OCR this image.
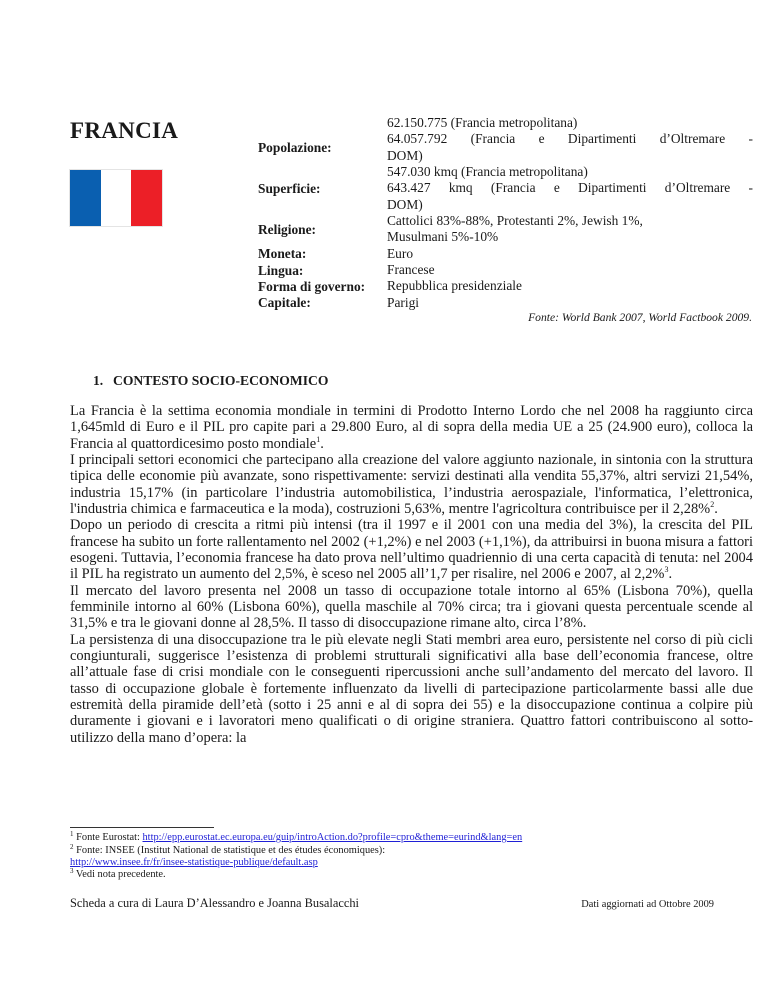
FRANCIA
Popolazione:
Superficie:
Religione:
Moneta:
Lingua:
Forma di governo:
Capitale:
62.150.775 (Francia metropolitana)
64.057.792 (Francia e Dipartimenti d’Oltremare -
DOM)
547.030 kmq (Francia metropolitana)
643.427 kmq (Francia e Dipartimenti d’Oltremare -
DOM)
Cattolici 83%-88%, Protestanti 2%, Jewish 1%,
Musulmani 5%-10%
Euro
Francese
Repubblica presidenziale
Parigi
Fonte: World Bank 2007, World Factbook 2009.
1. CONTESTO SOCIO-ECONOMICO

La Francia è la settima economia mondiale in termini di Prodotto Interno Lordo che nel 2008 ha raggiunto circa 1,645mld di Euro e il PIL pro capite pari a 29.800 Euro, al di sopra della media UE a 25 (24.900 euro), colloca la Francia al quattordicesimo posto mondiale$^1$.

I principali settori economici che partecipano alla creazione del valore aggiunto nazionale, in sintonia con la struttura tipica delle economie più avanzate, sono rispettivamente: servizi destinati alla vendita 55,37%, altri servizi 21,54%, industria 15,17% (in particolare l’industria automobilistica, l’industria aerospaziale, l'informatica, l’elettronica, l'industria chimica e farmaceutica e la moda), costruzioni 5,63%, mentre l'agricoltura contribuisce per il 2,28%$^2$.

Dopo un periodo di crescita a ritmi più intensi (tra il 1997 e il 2001 con una media del 3%), la crescita del PIL francese ha subito un forte rallentamento nel 2002 (+1,2%) e nel 2003 (+1,1%), da attribuirsi in buona misura a fattori esogeni. Tuttavia, l’economia francese ha dato prova nell’ultimo quadriennio di una certa capacità di tenuta: nel 2004 il PIL ha registrato un aumento del 2,5%, è sceso nel 2005 all’1,7 per risalire, nel 2006 e 2007, al 2,2%$^3$.

Il mercato del lavoro presenta nel 2008 un tasso di occupazione totale intorno al 65% (Lisbona 70%), quella femminile intorno al 60% (Lisbona 60%), quella maschile al 70% circa; tra i giovani questa percentuale scende al 31,5% e tra le giovani donne al 28,5%. Il tasso di disoccupazione rimane alto, circa l’8%.

La persistenza di una disoccupazione tra le più elevate negli Stati membri area euro, persistente nel corso di più cicli congiunturali, suggerisce l’esistenza di problemi strutturali significativi alla base dell’economia francese, oltre all’attuale fase di crisi mondiale con le conseguenti ripercussioni anche sull’andamento del mercato del lavoro. Il tasso di occupazione globale è fortemente influenzato da livelli di partecipazione particolarmente bassi alle due estremità della piramide dell’età (sotto i 25 anni e al di sopra dei 55) e la disoccupazione continua a colpire più duramente i giovani e i lavoratori meno qualificati o di origine straniera. Quattro fattori contribuiscono al sotto-utilizzo della mano d’opera: la

$^1$ Fonte Eurostat: http://epp.eurostat.ec.europa.eu/guip/introAction.do?profile=cpro&theme=eurind&lang=en
$^2$ Fonte: INSEE (Institut National de statistique et des études économiques):
http://www.insee.fr/fr/insee-statistique-publique/default.asp
$^3$ Vedi nota precedente.
Scheda a cura di Laura D’Alessandro e Joanna Busalacchi	Dati aggiornati ad Ottobre 2009
